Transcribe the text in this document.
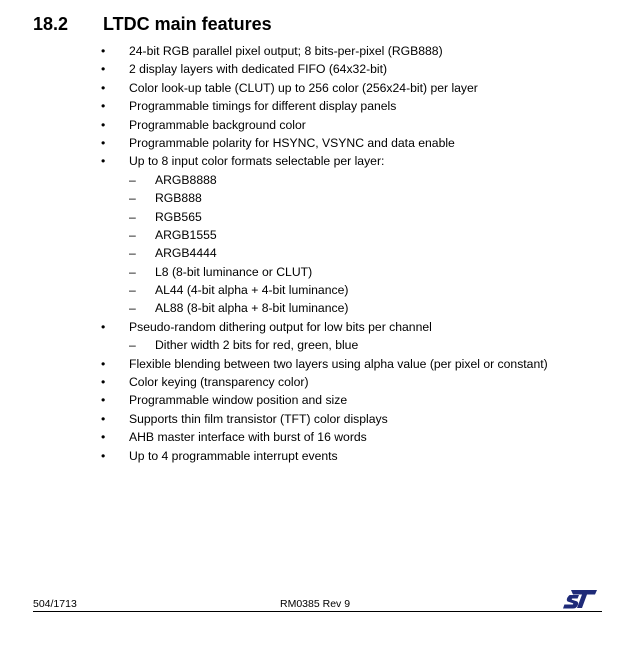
18.2 LTDC main features
• 24-bit RGB parallel pixel output; 8 bits-per-pixel (RGB888)
• 2 display layers with dedicated FIFO (64x32-bit)
• Color look-up table (CLUT) up to 256 color (256x24-bit) per layer
• Programmable timings for different display panels
• Programmable background color
• Programmable polarity for HSYNC, VSYNC and data enable
• Up to 8 input color formats selectable per layer:
– ARGB8888
– RGB888
– RGB565
– ARGB1555
– ARGB4444
– L8 (8-bit luminance or CLUT)
– AL44 (4-bit alpha + 4-bit luminance)
– AL88 (8-bit alpha + 8-bit luminance)
• Pseudo-random dithering output for low bits per channel
– Dither width 2 bits for red, green, blue
• Flexible blending between two layers using alpha value (per pixel or constant)
• Color keying (transparency color)
• Programmable window position and size
• Supports thin film transistor (TFT) color displays
• AHB master interface with burst of 16 words
• Up to 4 programmable interrupt events
504/1713	RM0385 Rev 9
